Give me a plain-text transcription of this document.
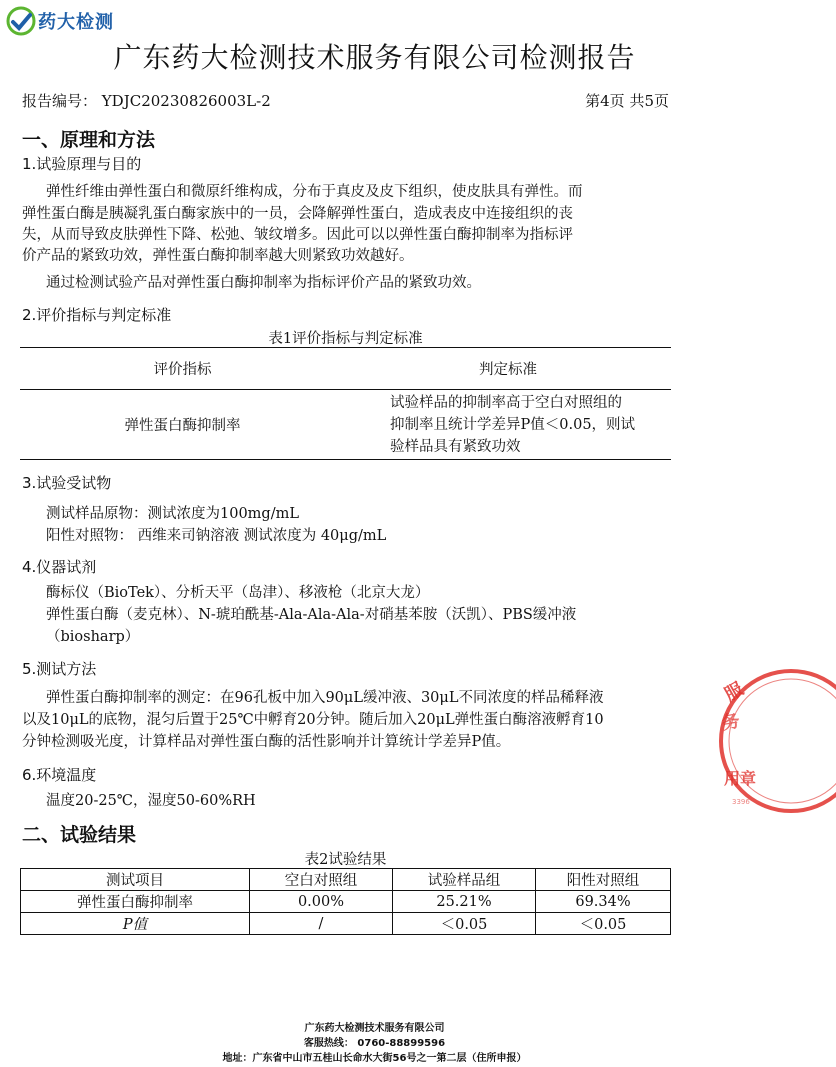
药大检测
广东药大检测技术服务有限公司检测报告
报告编号： YDJC20230826003L-2	第4页 共5页
一、原理和方法
1.试验原理与目的
弹性纤维由弹性蛋白和微原纤维构成，分布于真皮及皮下组织，使皮肤具有弹性。而
弹性蛋白酶是胰凝乳蛋白酶家族中的一员，会降解弹性蛋白，造成表皮中连接组织的丧
失，从而导致皮肤弹性下降、松弛、皱纹增多。因此可以以弹性蛋白酶抑制率为指标评
价产品的紧致功效，弹性蛋白酶抑制率越大则紧致功效越好。
通过检测试验产品对弹性蛋白酶抑制率为指标评价产品的紧致功效。
2.评价指标与判定标准
表1评价指标与判定标准
评价指标	判定标准
弹性蛋白酶抑制率	试验样品的抑制率高于空白对照组的
抑制率且统计学差异P值＜0.05，则试
验样品具有紧致功效
3.试验受试物
测试样品原物：测试浓度为100mg/mL
阳性对照物： 西维来司钠溶液 测试浓度为 40μg/mL
4.仪器试剂
酶标仪（BioTek）、分析天平（岛津）、移液枪（北京大龙）
弹性蛋白酶（麦克林）、N-琥珀酰基-Ala-Ala-Ala-对硝基苯胺（沃凯）、PBS缓冲液
（biosharp）
5.测试方法
弹性蛋白酶抑制率的测定：在96孔板中加入90μL缓冲液、30μL不同浓度的样品稀释液
以及10μL的底物，混匀后置于25℃中孵育20分钟。随后加入20μL弹性蛋白酶溶液孵育10
分钟检测吸光度，计算样品对弹性蛋白酶的活性影响并计算统计学差异P值。
6.环境温度
温度20-25℃，湿度50-60%RH
二、试验结果
表2试验结果
测试项目	空白对照组	试验样品组	阳性对照组
弹性蛋白酶抑制率	0.00%	25.21%	69.34%
P值	/	＜0.05	＜0.05
服
务
用章
3396
广东药大检测技术服务有限公司
客服热线： 0760-88899596
地址：广东省中山市五桂山长命水大街56号之一第二层（住所申报）
